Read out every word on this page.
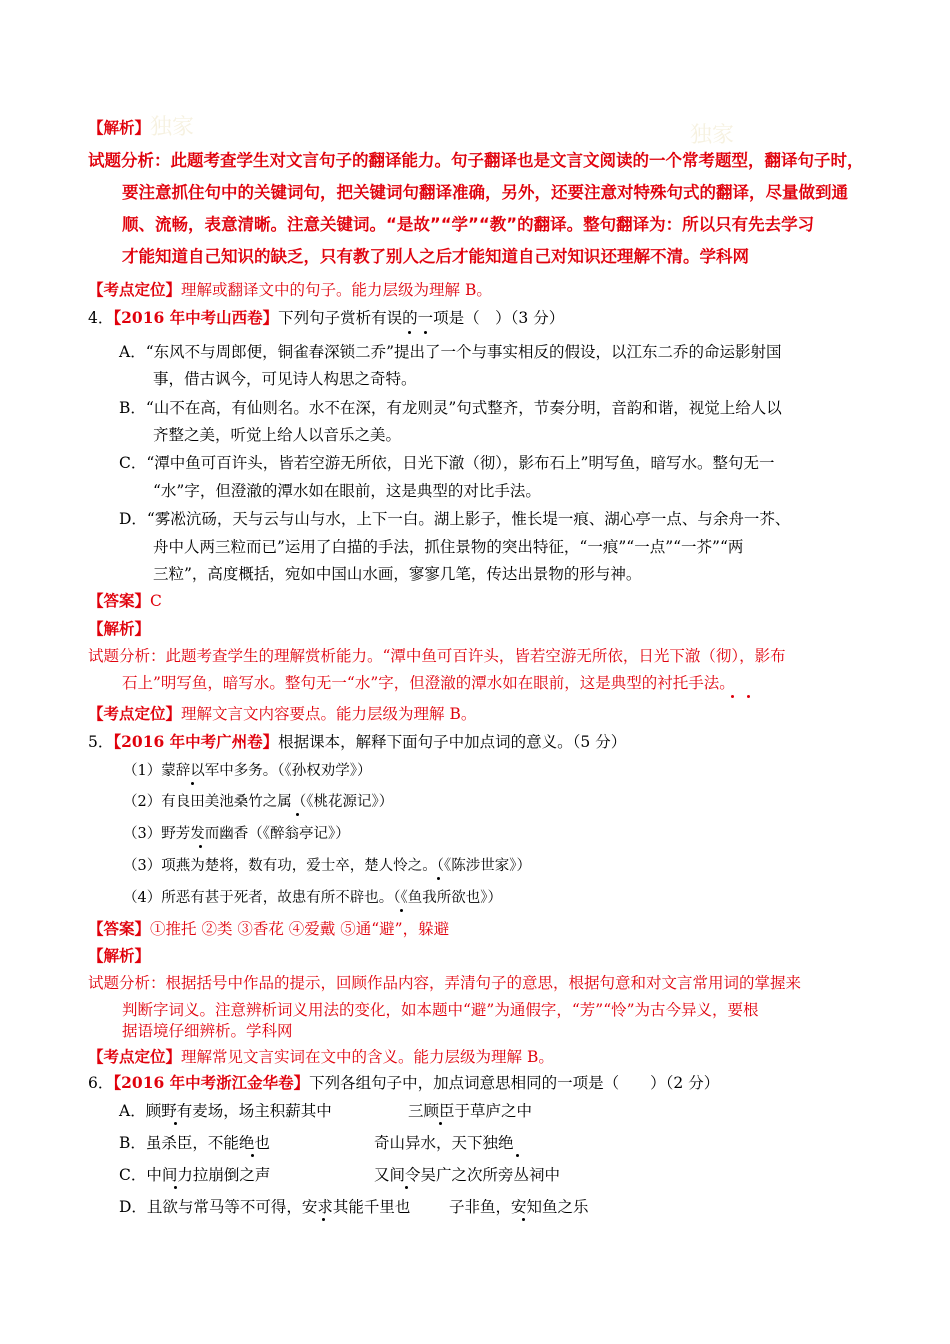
独家	独家
【解析】
试题分析：此题考查学生对文言句子的翻译能力。句子翻译也是文言文阅读的一个常考题型，翻译句子时，
要注意抓住句中的关键词句，把关键词句翻译准确，另外，还要注意对特殊句式的翻译，尽量做到通
顺、流畅，表意清晰。注意关键词。“是故”“学”“教”的翻译。整句翻译为：所以只有先去学习
才能知道自己知识的缺乏，只有教了别人之后才能知道自己对知识还理解不清。学科网
【考点定位】理解或翻译文中的句子。能力层级为理解 B。
4．【2016 年中考山西卷】下列句子赏析有误的一项是（　）（3 分）
A．“东风不与周郎便，铜雀春深锁二乔”提出了一个与事实相反的假设，以江东二乔的命运影射国
事，借古讽今，可见诗人构思之奇特。
B．“山不在高，有仙则名。水不在深，有龙则灵”句式整齐，节奏分明，音韵和谐，视觉上给人以
齐整之美，听觉上给人以音乐之美。
C．“潭中鱼可百许头，皆若空游无所依，日光下澈（彻），影布石上”明写鱼，暗写水。整句无一
“水”字，但澄澈的潭水如在眼前，这是典型的对比手法。
D．“雾凇沆砀，天与云与山与水，上下一白。湖上影子，惟长堤一痕、湖心亭一点、与余舟一芥、
舟中人两三粒而已”运用了白描的手法，抓住景物的突出特征，“一痕”“一点”“一芥”“两
三粒”，高度概括，宛如中国山水画，寥寥几笔，传达出景物的形与神。
【答案】C
【解析】
试题分析：此题考查学生的理解赏析能力。“潭中鱼可百许头，皆若空游无所依，日光下澈（彻），影布
石上”明写鱼，暗写水。整句无一“水”字，但澄澈的潭水如在眼前，这是典型的衬托手法。
【考点定位】理解文言文内容要点。能力层级为理解 B。
5．【2016 年中考广州卷】根据课本，解释下面句子中加点词的意义。（5 分）
（1）蒙辞以军中多务。（《孙权劝学》）
（2）有良田美池桑竹之属（《桃花源记》）
（3）野芳发而幽香（《醉翁亭记》）
（3）项燕为楚将，数有功，爱士卒，楚人怜之。（《陈涉世家》）
（4）所恶有甚于死者，故患有所不辟也。（《鱼我所欲也》）
【答案】①推托 ②类 ③香花 ④爱戴 ⑤通“避”，躲避
【解析】
试题分析：根据括号中作品的提示，回顾作品内容，弄清句子的意思，根据句意和对文言常用词的掌握来
判断字词义。注意辨析词义用法的变化，如本题中“避”为通假字，“芳”“怜”为古今异义，要根
据语境仔细辨析。学科网
【考点定位】理解常见文言实词在文中的含义。能力层级为理解 B。
6．【2016 年中考浙江金华卷】下列各组句子中，加点词意思相同的一项是（　　）（2 分）
A．顾野有麦场，场主积薪其中	三顾臣于草庐之中
B．虽杀臣，不能绝也	奇山异水，天下独绝
C．中间力拉崩倒之声	又间令吴广之次所旁丛祠中
D．且欲与常马等不可得，安求其能千里也 子非鱼，安知鱼之乐
